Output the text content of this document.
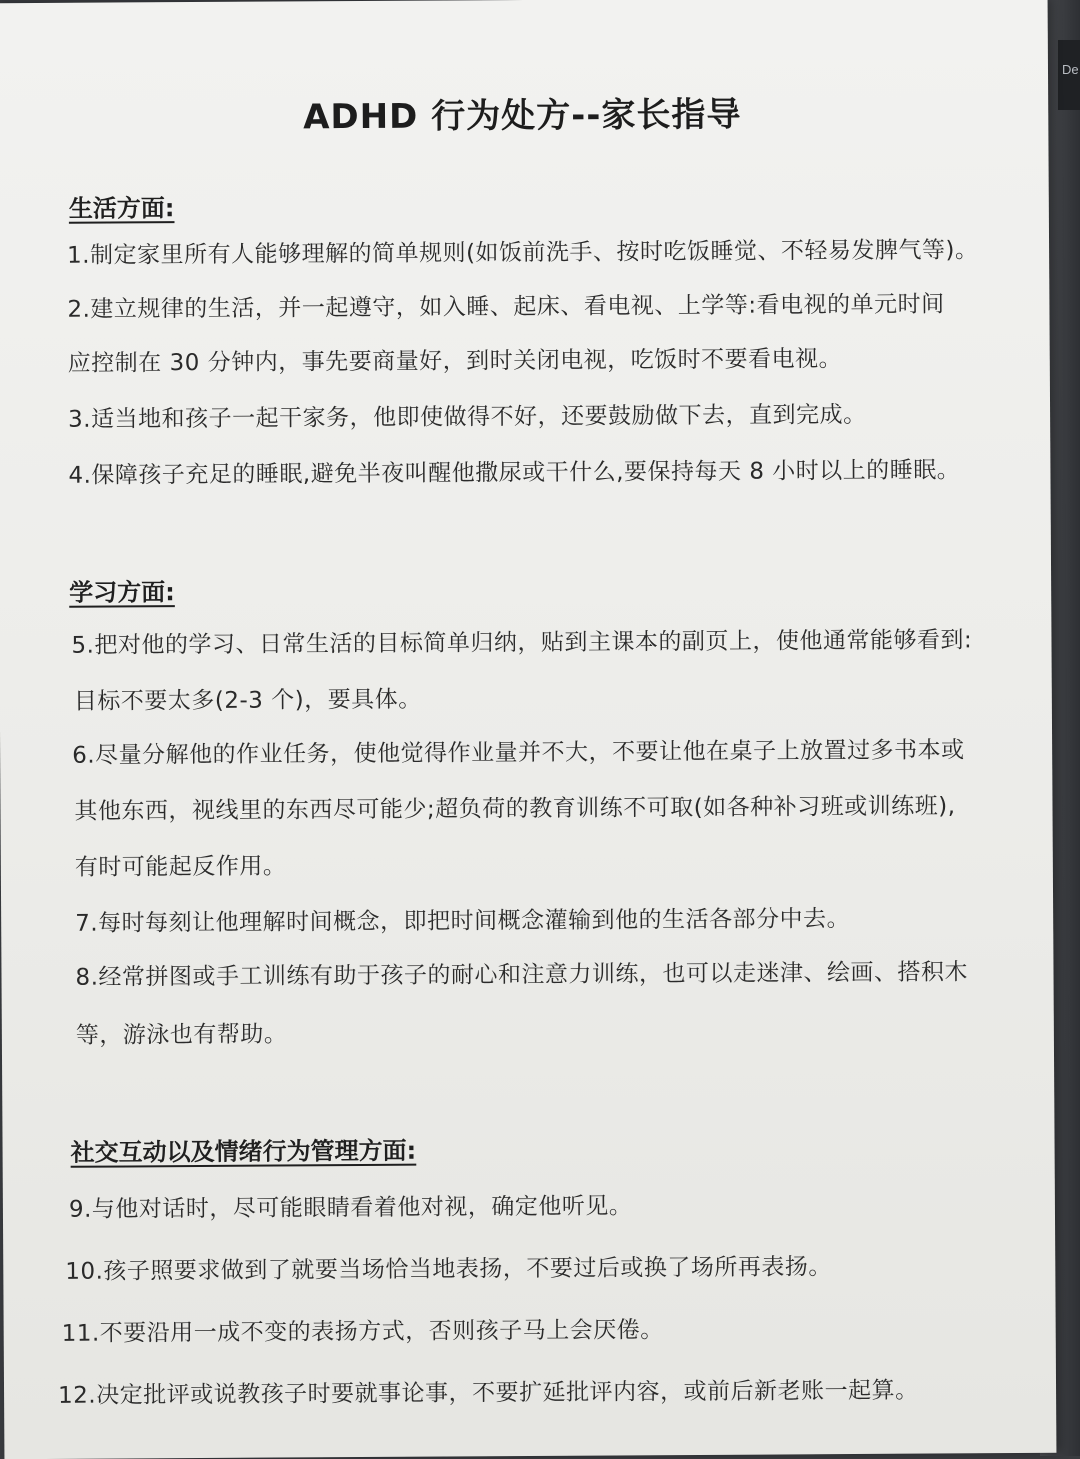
De
ADHD 行为处方--家长指导
生活方面:
1.制定家里所有人能够理解的简单规则(如饭前洗手、按时吃饭睡觉、不轻易发脾气等)。
2.建立规律的生活，并一起遵守，如入睡、起床、看电视、上学等:看电视的单元时间
应控制在 30 分钟内，事先要商量好，到时关闭电视，吃饭时不要看电视。
3.适当地和孩子一起干家务，他即使做得不好，还要鼓励做下去，直到完成。
4.保障孩子充足的睡眠,避免半夜叫醒他撒尿或干什么,要保持每天 8 小时以上的睡眠。
学习方面:
5.把对他的学习、日常生活的目标简单归纳，贴到主课本的副页上，使他通常能够看到:
目标不要太多(2-3 个)，要具体。
6.尽量分解他的作业任务，使他觉得作业量并不大，不要让他在桌子上放置过多书本或
其他东西，视线里的东西尽可能少;超负荷的教育训练不可取(如各种补习班或训练班),
有时可能起反作用。
7.每时每刻让他理解时间概念，即把时间概念灌输到他的生活各部分中去。
8.经常拼图或手工训练有助于孩子的耐心和注意力训练，也可以走迷津、绘画、搭积木
等，游泳也有帮助。
社交互动以及情绪行为管理方面:
9.与他对话时，尽可能眼睛看着他对视，确定他听见。
10.孩子照要求做到了就要当场恰当地表扬，不要过后或换了场所再表扬。
11.不要沿用一成不变的表扬方式，否则孩子马上会厌倦。
12.决定批评或说教孩子时要就事论事，不要扩延批评内容，或前后新老账一起算。
